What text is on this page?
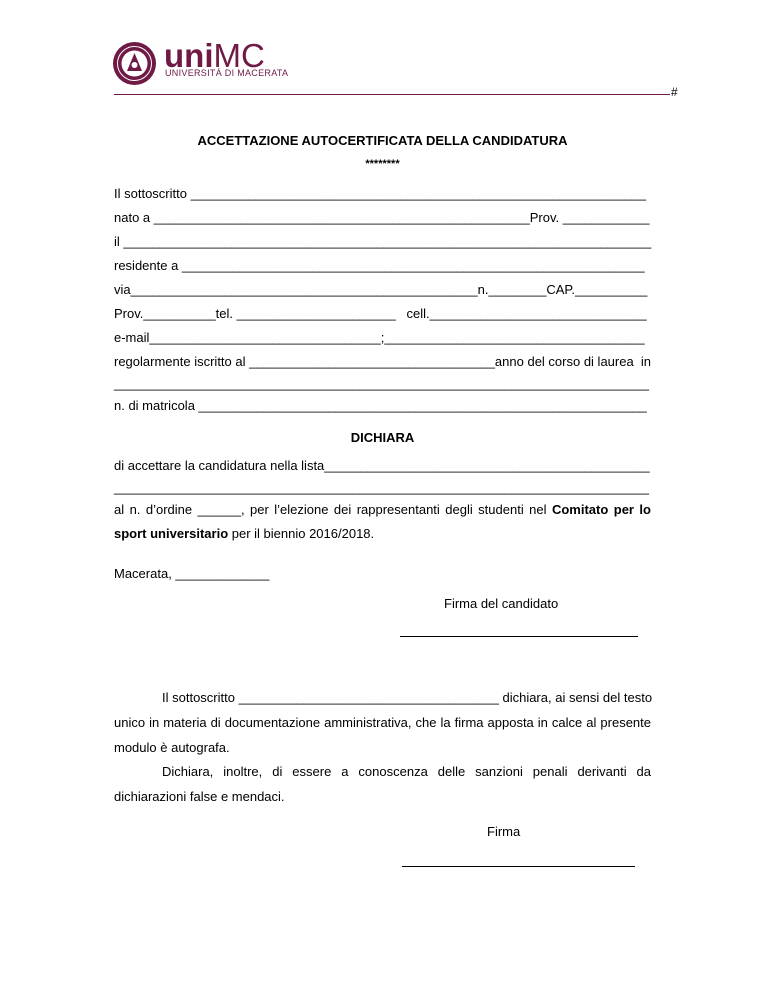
uniMC
UNIVERSITÀ DI MACERATA
#
ACCETTAZIONE AUTOCERTIFICATA DELLA CANDIDATURA
********
Il sottoscritto _______________________________________________________________
nato a ____________________________________________________Prov. ____________
il _________________________________________________________________________
residente a ________________________________________________________________
via________________________________________________n.________CAP.__________
Prov.__________tel. ______________________   cell.______________________________
e-mail________________________________;____________________________________
regolarmente iscritto al __________________________________anno del corso di laurea  in
__________________________________________________________________________
n. di matricola ______________________________________________________________
DICHIARA
di accettare la candidatura nella lista_____________________________________________
__________________________________________________________________________
al n. d’ordine ______, per l’elezione dei rappresentanti degli studenti nel Comitato per lo
sport universitario per il biennio 2016/2018.
Macerata, _____________
Firma del candidato
Il sottoscritto ____________________________________ dichiara, ai sensi del testo
unico in materia di documentazione amministrativa, che la firma apposta in calce al presente
modulo è autografa.
Dichiara, inoltre, di essere a conoscenza delle sanzioni penali derivanti da
dichiarazioni false e mendaci.
Firma
